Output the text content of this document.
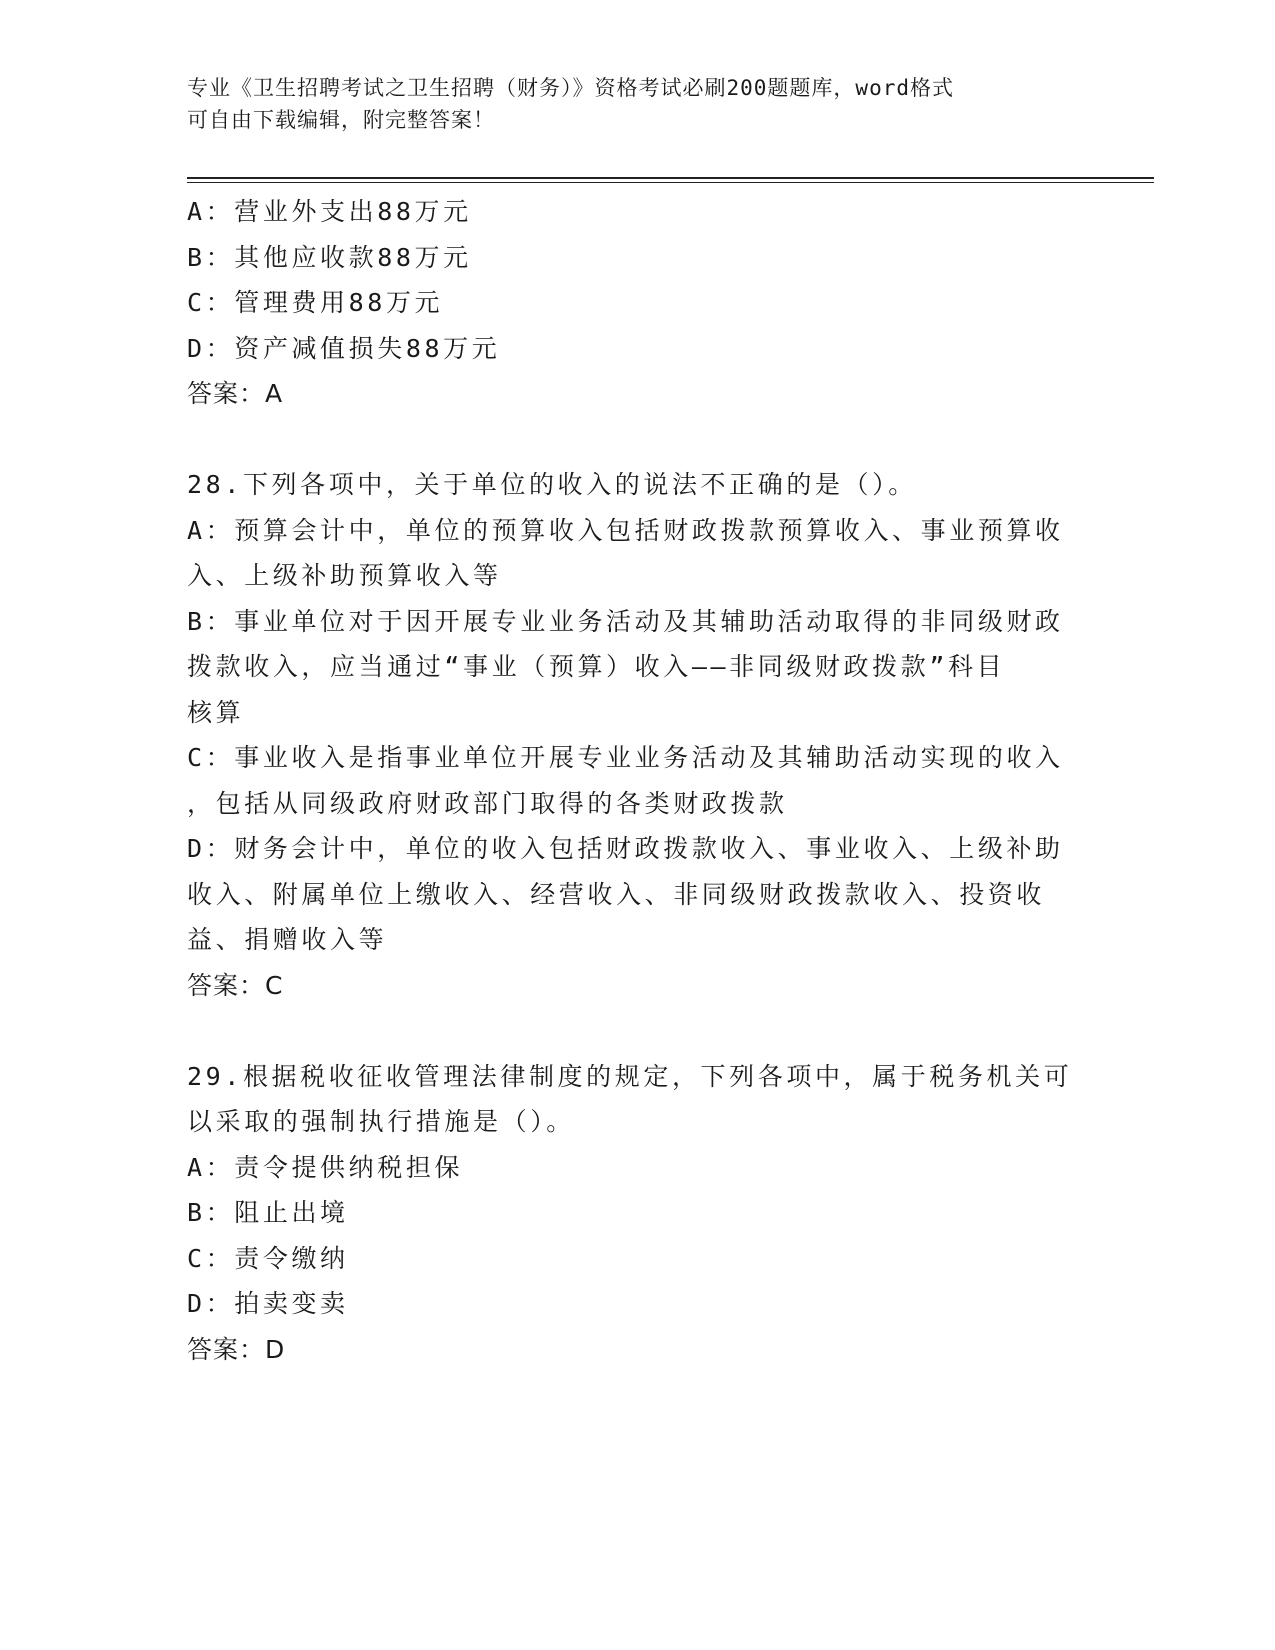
专业《卫生招聘考试之卫生招聘（财务）》资格考试必刷200题题库，word格式
可自由下载编辑，附完整答案！
A：营业外支出88万元
B：其他应收款88万元
C：管理费用88万元
D：资产减值损失88万元
答案：A
28.下列各项中，关于单位的收入的说法不正确的是（）。
A：预算会计中，单位的预算收入包括财政拨款预算收入、事业预算收
入、上级补助预算收入等
B：事业单位对于因开展专业业务活动及其辅助活动取得的非同级财政
拨款收入，应当通过“事业（预算）收入——非同级财政拨款”科目
核算
C：事业收入是指事业单位开展专业业务活动及其辅助活动实现的收入
，包括从同级政府财政部门取得的各类财政拨款
D：财务会计中，单位的收入包括财政拨款收入、事业收入、上级补助
收入、附属单位上缴收入、经营收入、非同级财政拨款收入、投资收
益、捐赠收入等
答案：C
29.根据税收征收管理法律制度的规定，下列各项中，属于税务机关可
以采取的强制执行措施是（）。
A：责令提供纳税担保
B：阻止出境
C：责令缴纳
D：拍卖变卖
答案：D
